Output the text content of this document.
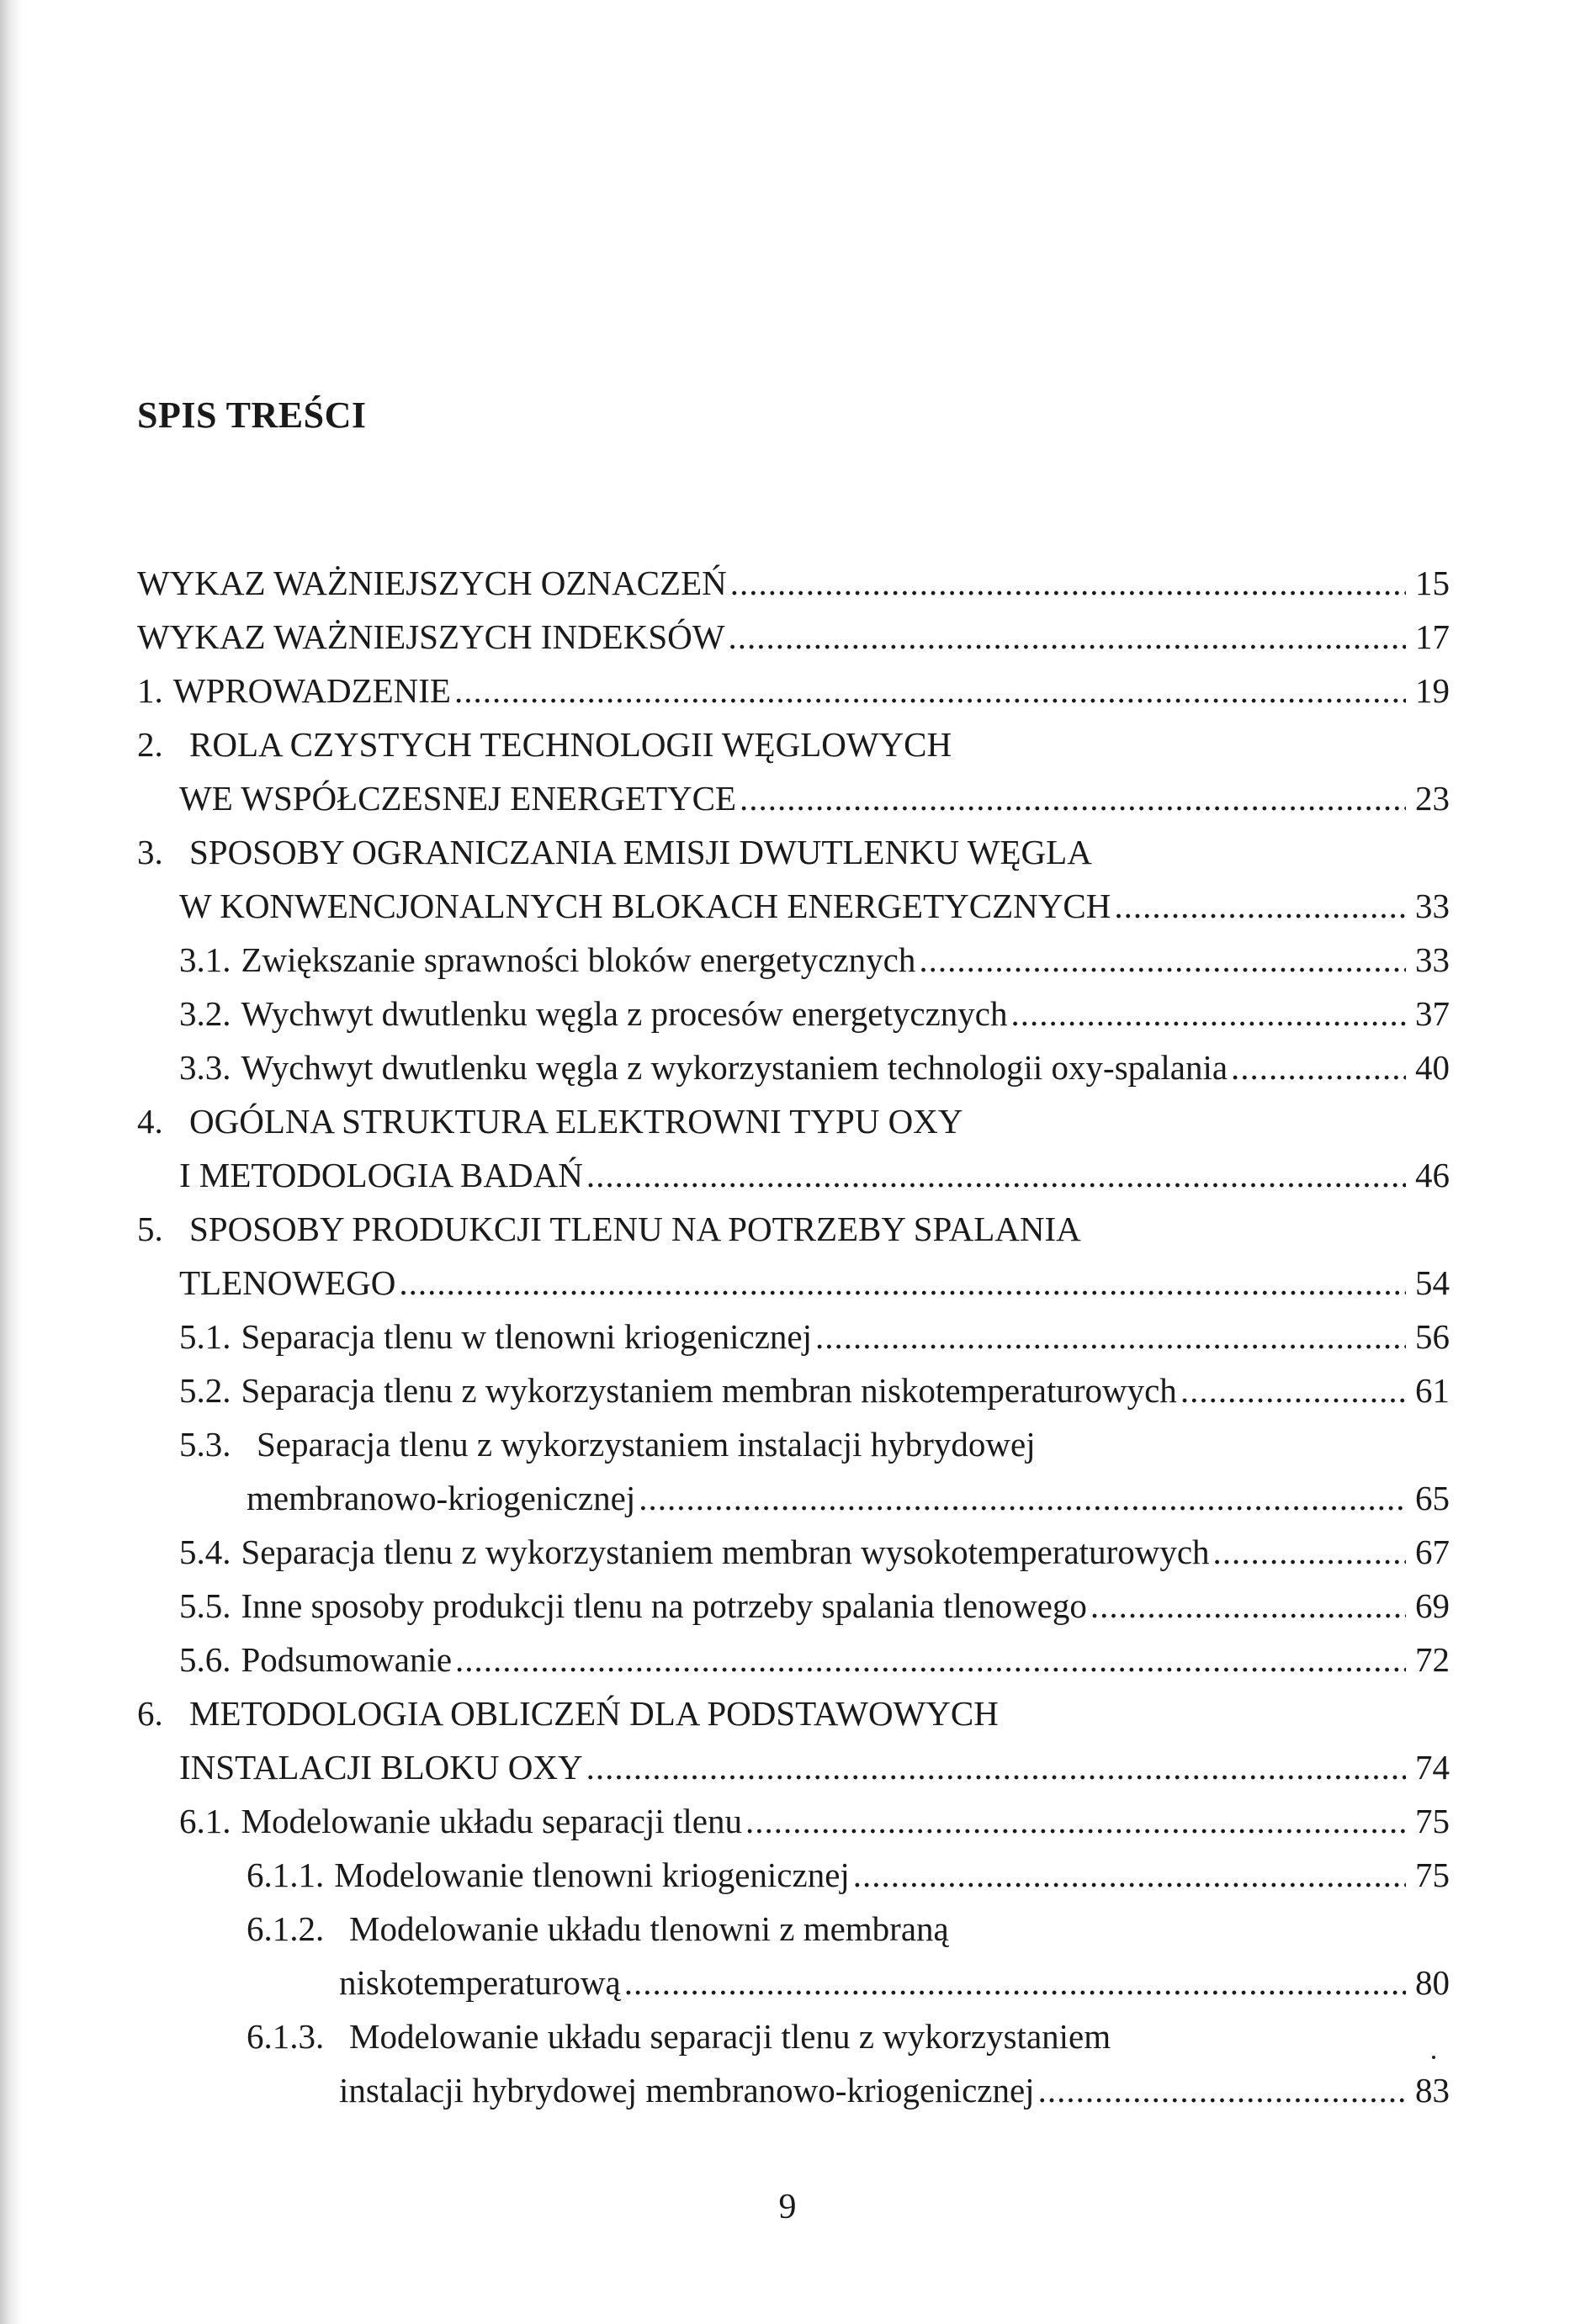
SPIS TREŚCI
WYKAZ WAŻNIEJSZYCH OZNACZEŃ .....	15
WYKAZ WAŻNIEJSZYCH INDEKSÓW .....	17
1. WPROWADZENIE .....	19
2. ROLA CZYSTYCH TECHNOLOGII WĘGLOWYCH
WE WSPÓŁCZESNEJ ENERGETYCE .....	23
3. SPOSOBY OGRANICZANIA EMISJI DWUTLENKU WĘGLA
W KONWENCJONALNYCH BLOKACH ENERGETYCZNYCH .....	33
3.1. Zwiększanie sprawności bloków energetycznych .....	33
3.2. Wychwyt dwutlenku węgla z procesów energetycznych .....	37
3.3. Wychwyt dwutlenku węgla z wykorzystaniem technologii oxy-spalania .....	40
4. OGÓLNA STRUKTURA ELEKTROWNI TYPU OXY
I METODOLOGIA BADAŃ .....	46
5. SPOSOBY PRODUKCJI TLENU NA POTRZEBY SPALANIA
TLENOWEGO .....	54
5.1. Separacja tlenu w tlenowni kriogenicznej .....	56
5.2. Separacja tlenu z wykorzystaniem membran niskotemperaturowych .....	61
5.3. Separacja tlenu z wykorzystaniem instalacji hybrydowej
membranowo-kriogenicznej .....	65
5.4. Separacja tlenu z wykorzystaniem membran wysokotemperaturowych .....	67
5.5. Inne sposoby produkcji tlenu na potrzeby spalania tlenowego .....	69
5.6. Podsumowanie .....	72
6. METODOLOGIA OBLICZEŃ DLA PODSTAWOWYCH
INSTALACJI BLOKU OXY .....	74
6.1. Modelowanie układu separacji tlenu .....	75
6.1.1. Modelowanie tlenowni kriogenicznej .....	75
6.1.2. Modelowanie układu tlenowni z membraną
niskotemperaturową .....	80
6.1.3. Modelowanie układu separacji tlenu z wykorzystaniem
instalacji hybrydowej membranowo-kriogenicznej .....	83
9
